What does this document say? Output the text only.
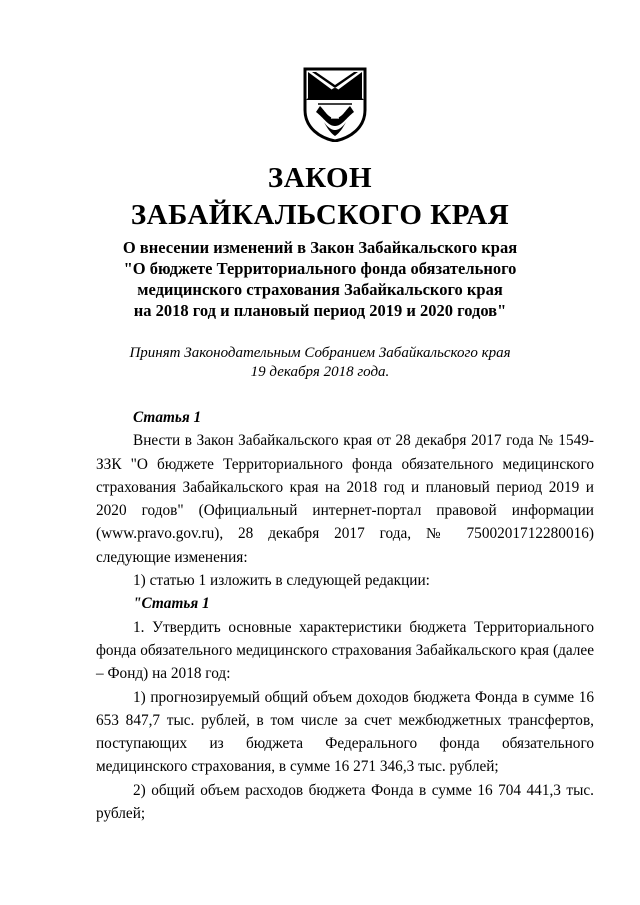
ЗАКОН
ЗАБАЙКАЛЬСКОГО КРАЯ
О внесении изменений в Закон Забайкальского края
"О бюджете Территориального фонда обязательного
медицинского страхования Забайкальского края
на 2018 год и плановый период 2019 и 2020 годов"
Принят Законодательным Собранием Забайкальского края
19 декабря 2018 года.

Статья 1

Внести в Закон Забайкальского края от 28 декабря 2017 года № 1549-ЗЗК "О бюджете Территориального фонда обязательного медицинского страхования Забайкальского края на 2018 год и плановый период 2019 и 2020 годов" (Официальный интернет-портал правовой информации (www.pravo.gov.ru), 28 декабря 2017 года, № 7500201712280016) следующие изменения:

1) статью 1 изложить в следующей редакции:

"Статья 1

1. Утвердить основные характеристики бюджета Территориального фонда обязательного медицинского страхования Забайкальского края (далее – Фонд) на 2018 год:

1) прогнозируемый общий объем доходов бюджета Фонда в сумме 16 653 847,7 тыс. рублей, в том числе за счет межбюджетных трансфертов, поступающих из бюджета Федерального фонда обязательного медицинского страхования, в сумме 16 271 346,3 тыс. рублей;

2) общий объем расходов бюджета Фонда в сумме 16 704 441,3 тыс. рублей;
